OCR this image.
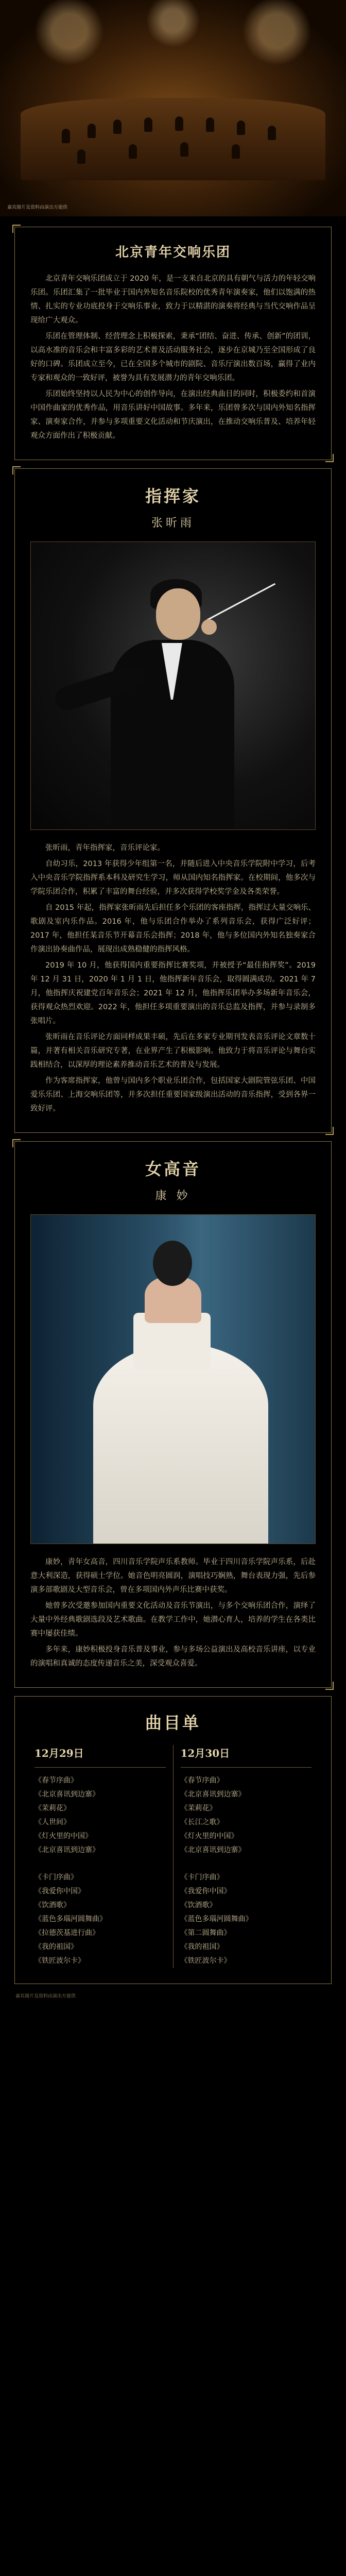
嘉宾图片及资料由演出方提供
北京青年交响乐团

北京青年交响乐团成立于 2020 年，是一支来自北京的具有朝气与活力的年轻交响乐团。乐团汇集了一批毕业于国内外知名音乐院校的优秀青年演奏家，他们以饱满的热情、扎实的专业功底投身于交响乐事业，致力于以精湛的演奏将经典与当代交响作品呈现给广大观众。

乐团在管理体制、经营理念上积极探索，秉承“团结、奋进、传承、创新”的团训，以高水准的音乐会和丰富多彩的艺术普及活动服务社会，逐步在京城乃至全国形成了良好的口碑。乐团成立至今，已在全国多个城市的剧院、音乐厅演出数百场，赢得了业内专家和观众的一致好评，被誉为具有发展潜力的青年交响乐团。

乐团始终坚持以人民为中心的创作导向，在演出经典曲目的同时，积极委约和首演中国作曲家的优秀作品，用音乐讲好中国故事。多年来，乐团曾多次与国内外知名指挥家、演奏家合作，并参与多项重要文化活动和节庆演出，在推动交响乐普及、培养年轻观众方面作出了积极贡献。

指挥家
张昕雨

张昕雨，青年指挥家，音乐评论家。

自幼习乐，2013 年获得少年组第一名，并随后进入中央音乐学院附中学习，后考入中央音乐学院指挥系本科及研究生学习，师从国内知名指挥家。在校期间，他多次与学院乐团合作，积累了丰富的舞台经验，并多次获得学校奖学金及各类荣誉。

自 2015 年起，指挥家张昕雨先后担任多个乐团的客座指挥，指挥过大量交响乐、歌剧及室内乐作品。2016 年，他与乐团合作举办了系列音乐会，获得广泛好评；2017 年，他担任某音乐节开幕音乐会指挥；2018 年，他与多位国内外知名独奏家合作演出协奏曲作品，展现出成熟稳健的指挥风格。

2019 年 10 月，他获得国内重要指挥比赛奖项，并被授予“最佳指挥奖”。2019 年 12 月 31 日，2020 年 1 月 1 日，他指挥新年音乐会，取得圆满成功。2021 年 7 月，他指挥庆祝建党百年音乐会；2021 年 12 月，他指挥乐团举办多场新年音乐会，获得观众热烈欢迎。2022 年，他担任多项重要演出的音乐总监及指挥，并参与录制多张唱片。

张昕雨在音乐评论方面同样成果丰硕，先后在多家专业期刊发表音乐评论文章数十篇，并著有相关音乐研究专著，在业界产生了积极影响。他致力于将音乐评论与舞台实践相结合，以深厚的理论素养推动音乐艺术的普及与发展。

作为客席指挥家，他曾与国内多个职业乐团合作，包括国家大剧院管弦乐团、中国爱乐乐团、上海交响乐团等，并多次担任重要国家级演出活动的音乐指挥，受到各界一致好评。

女高音
康 妙

康妙，青年女高音，四川音乐学院声乐系教师。毕业于四川音乐学院声乐系，后赴意大利深造，获得硕士学位。她音色明亮圆润，演唱技巧娴熟，舞台表现力强，先后参演多部歌剧及大型音乐会，曾在多项国内外声乐比赛中获奖。

她曾多次受邀参加国内重要文化活动及音乐节演出，与多个交响乐团合作，演绎了大量中外经典歌剧选段及艺术歌曲。在教学工作中，她潜心育人，培养的学生在各类比赛中屡获佳绩。

多年来，康妙积极投身音乐普及事业，参与多场公益演出及高校音乐讲座，以专业的演唱和真诚的态度传递音乐之美，深受观众喜爱。

曲目单
12月29日
《春节序曲》
《北京喜讯到边寨》
《茉莉花》
《人世间》
《灯火里的中国》
《北京喜讯到边寨》
《卡门序曲》
《我爱你中国》
《饮酒歌》
《蓝色多瑙河圆舞曲》
《拉德茨基进行曲》
《我的祖国》
《铁匠波尔卡》
12月30日
《春节序曲》
《北京喜讯到边寨》
《茉莉花》
《长江之歌》
《灯火里的中国》
《北京喜讯到边寨》
《卡门序曲》
《我爱你中国》
《饮酒歌》
《蓝色多瑙河圆舞曲》
《第二圆舞曲》
《我的祖国》
《铁匠波尔卡》
嘉宾图片及资料由演出方提供
